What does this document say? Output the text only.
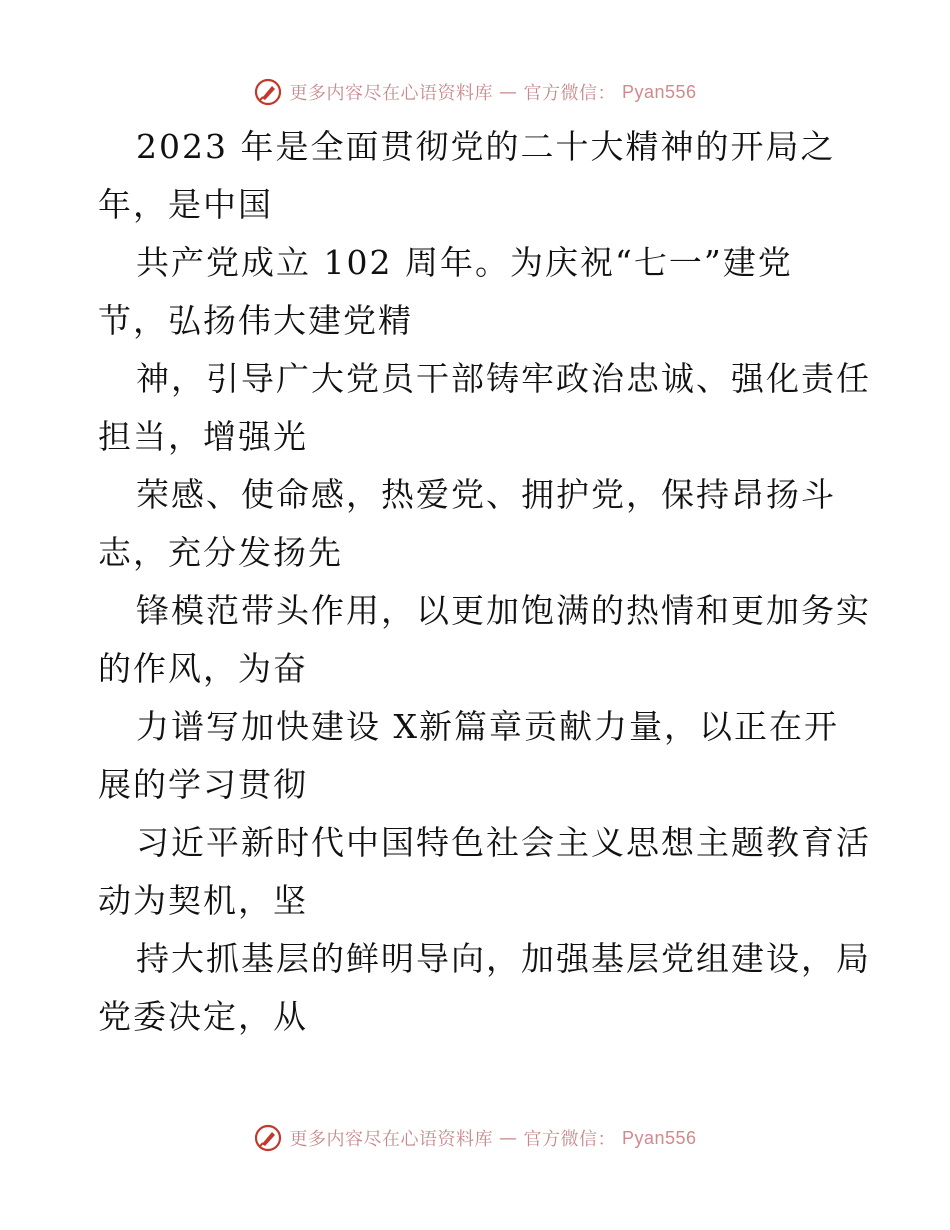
更多内容尽在心语资料库 — 官方微信： Pyan556
2023 年是全面贯彻党的二十大精神的开局之
年，是中国
共产党成立 102 周年。为庆祝“七一”建党
节，弘扬伟大建党精
神，引导广大党员干部铸牢政治忠诚、强化责任
担当，增强光
荣感、使命感，热爱党、拥护党，保持昂扬斗
志，充分发扬先
锋模范带头作用，以更加饱满的热情和更加务实
的作风，为奋
力谱写加快建设 X新篇章贡献力量，以正在开
展的学习贯彻
习近平新时代中国特色社会主义思想主题教育活
动为契机，坚
持大抓基层的鲜明导向，加强基层党组建设，局
党委决定，从
更多内容尽在心语资料库 — 官方微信： Pyan556
